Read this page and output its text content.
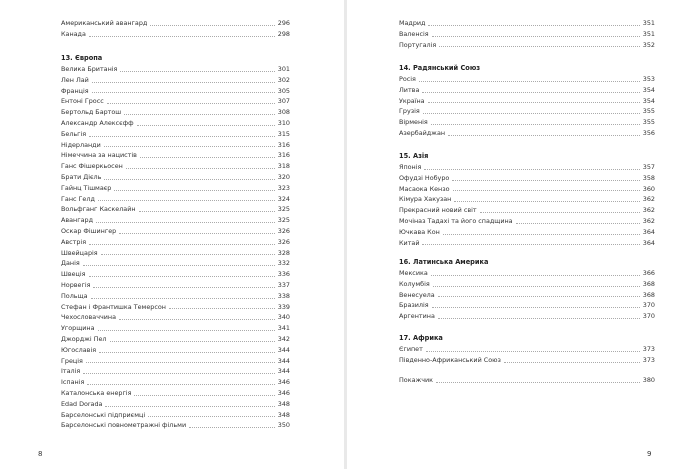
Американський авангард	296
Канада	298
13. Європа
Велика Британія	301
Лен Лай	302
Франція	305
Ентоні Гросс	307
Бертольд Бартош	308
Александр Алексєфф	310
Бельгія	315
Нідерланди	316
Німеччина за нацистів	316
Ганс Фішеркьосен	318
Брати Дієль	320
Гайнц Тішмаєр	323
Ганс Гелд	324
Вольфганг Каскелайн	325
Авангард	325
Оскар Фішингер	326
Австрія	326
Швейцарія	328
Данія	332
Швеція	336
Норвегія	337
Польща	338
Стефан і Франтишка Темерсон	339
Чехословаччина	340
Угорщина	341
Джорджі Пел	342
Югославія	344
Греція	344
Італія	344
Іспанія	346
Каталонська енергія	346
Edad Dorada	348
Барселонські підприємці	348
Барселонські повнометражні фільми	350
8
Мадрид	351
Валенсія	351
Португалія	352
14. Радянський Союз
Росія	353
Литва	354
Україна	354
Грузія	355
Вірменія	355
Азербайджан	356
15. Азія
Японія	357
Офудзі Нобуро	358
Масаока Кензо	360
Кімура Хакузан	362
Прекрасний новий світ	362
Мочіназ Тадахі та його спадщина	362
Ючкава Кон	364
Китай	364
16. Латинська Америка
Мексика	366
Колумбія	368
Венесуела	368
Бразилія	370
Аргентина	370
17. Африка
Єгипет	373
Південно-Африканський Союз	373
Покажчик	380
9
